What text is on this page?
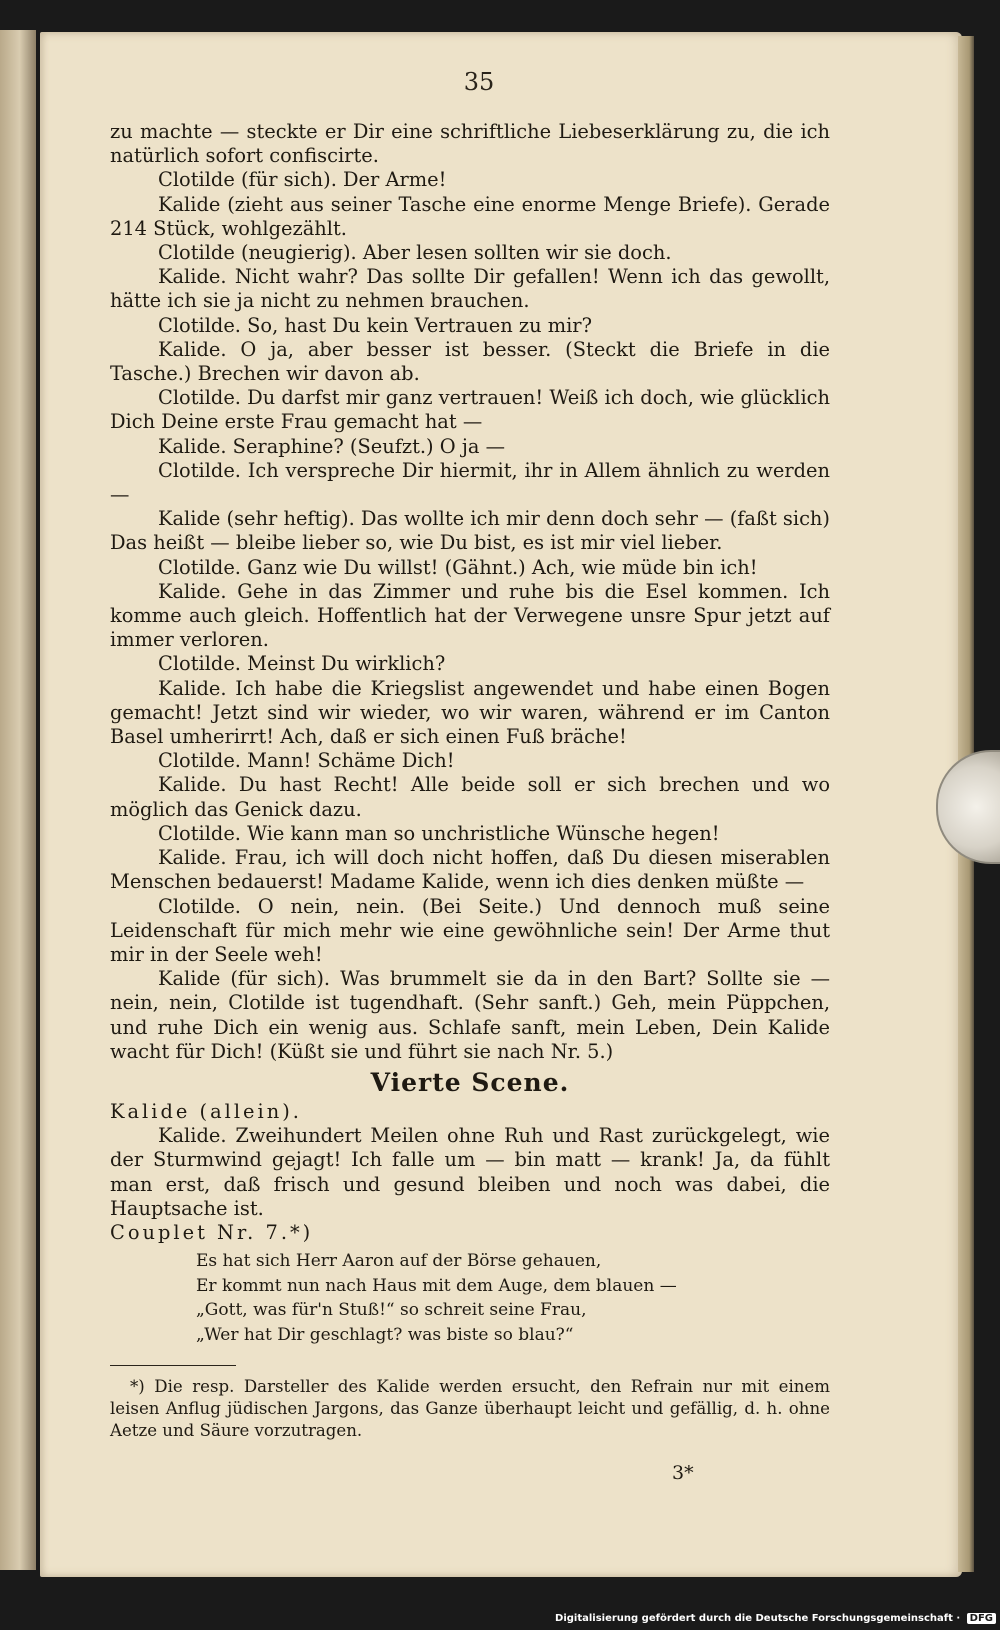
35

zu machte — steckte er Dir eine schriftliche Liebeserklärung zu, die ich natürlich sofort confiscirte.

Clotilde (für sich). Der Arme!

Kalide (zieht aus seiner Tasche eine enorme Menge Briefe). Gerade 214 Stück, wohlgezählt.

Clotilde (neugierig). Aber lesen sollten wir sie doch.

Kalide. Nicht wahr? Das sollte Dir gefallen! Wenn ich das gewollt, hätte ich sie ja nicht zu nehmen brauchen.

Clotilde. So, hast Du kein Vertrauen zu mir?

Kalide. O ja, aber besser ist besser. (Steckt die Briefe in die Tasche.) Brechen wir davon ab.

Clotilde. Du darfst mir ganz vertrauen! Weiß ich doch, wie glücklich Dich Deine erste Frau gemacht hat —

Kalide. Seraphine? (Seufzt.) O ja —

Clotilde. Ich verspreche Dir hiermit, ihr in Allem ähnlich zu werden —

Kalide (sehr heftig). Das wollte ich mir denn doch sehr — (faßt sich) Das heißt — bleibe lieber so, wie Du bist, es ist mir viel lieber.

Clotilde. Ganz wie Du willst! (Gähnt.) Ach, wie müde bin ich!

Kalide. Gehe in das Zimmer und ruhe bis die Esel kommen. Ich komme auch gleich. Hoffentlich hat der Verwegene unsre Spur jetzt auf immer verloren.

Clotilde. Meinst Du wirklich?

Kalide. Ich habe die Kriegslist angewendet und habe einen Bogen gemacht! Jetzt sind wir wieder, wo wir waren, während er im Canton Basel umherirrt! Ach, daß er sich einen Fuß bräche!

Clotilde. Mann! Schäme Dich!

Kalide. Du hast Recht! Alle beide soll er sich brechen und wo möglich das Genick dazu.

Clotilde. Wie kann man so unchristliche Wünsche hegen!

Kalide. Frau, ich will doch nicht hoffen, daß Du diesen miserablen Menschen bedauerst! Madame Kalide, wenn ich dies denken müßte —

Clotilde. O nein, nein. (Bei Seite.) Und dennoch muß seine Leidenschaft für mich mehr wie eine gewöhnliche sein! Der Arme thut mir in der Seele weh!

Kalide (für sich). Was brummelt sie da in den Bart? Sollte sie — nein, nein, Clotilde ist tugendhaft. (Sehr sanft.) Geh, mein Püppchen, und ruhe Dich ein wenig aus. Schlafe sanft, mein Leben, Dein Kalide wacht für Dich! (Küßt sie und führt sie nach Nr. 5.)

Vierte Scene.

Kalide (allein).

Kalide. Zweihundert Meilen ohne Ruh und Rast zurückgelegt, wie der Sturmwind gejagt! Ich falle um — bin matt — krank! Ja, da fühlt man erst, daß frisch und gesund bleiben und noch was dabei, die Hauptsache ist.

Couplet Nr. 7.*)

Es hat sich Herr Aaron auf der Börse gehauen,
Er kommt nun nach Haus mit dem Auge, dem blauen —
„Gott, was für'n Stuß!“ so schreit seine Frau,
„Wer hat Dir geschlagt? was biste so blau?“

*) Die resp. Darsteller des Kalide werden ersucht, den Refrain nur mit einem leisen Anflug jüdischen Jargons, das Ganze überhaupt leicht und gefällig, d. h. ohne Aetze und Säure vorzutragen.

3*
Digitalisierung gefördert durch die Deutsche Forschungsgemeinschaft · DFG
